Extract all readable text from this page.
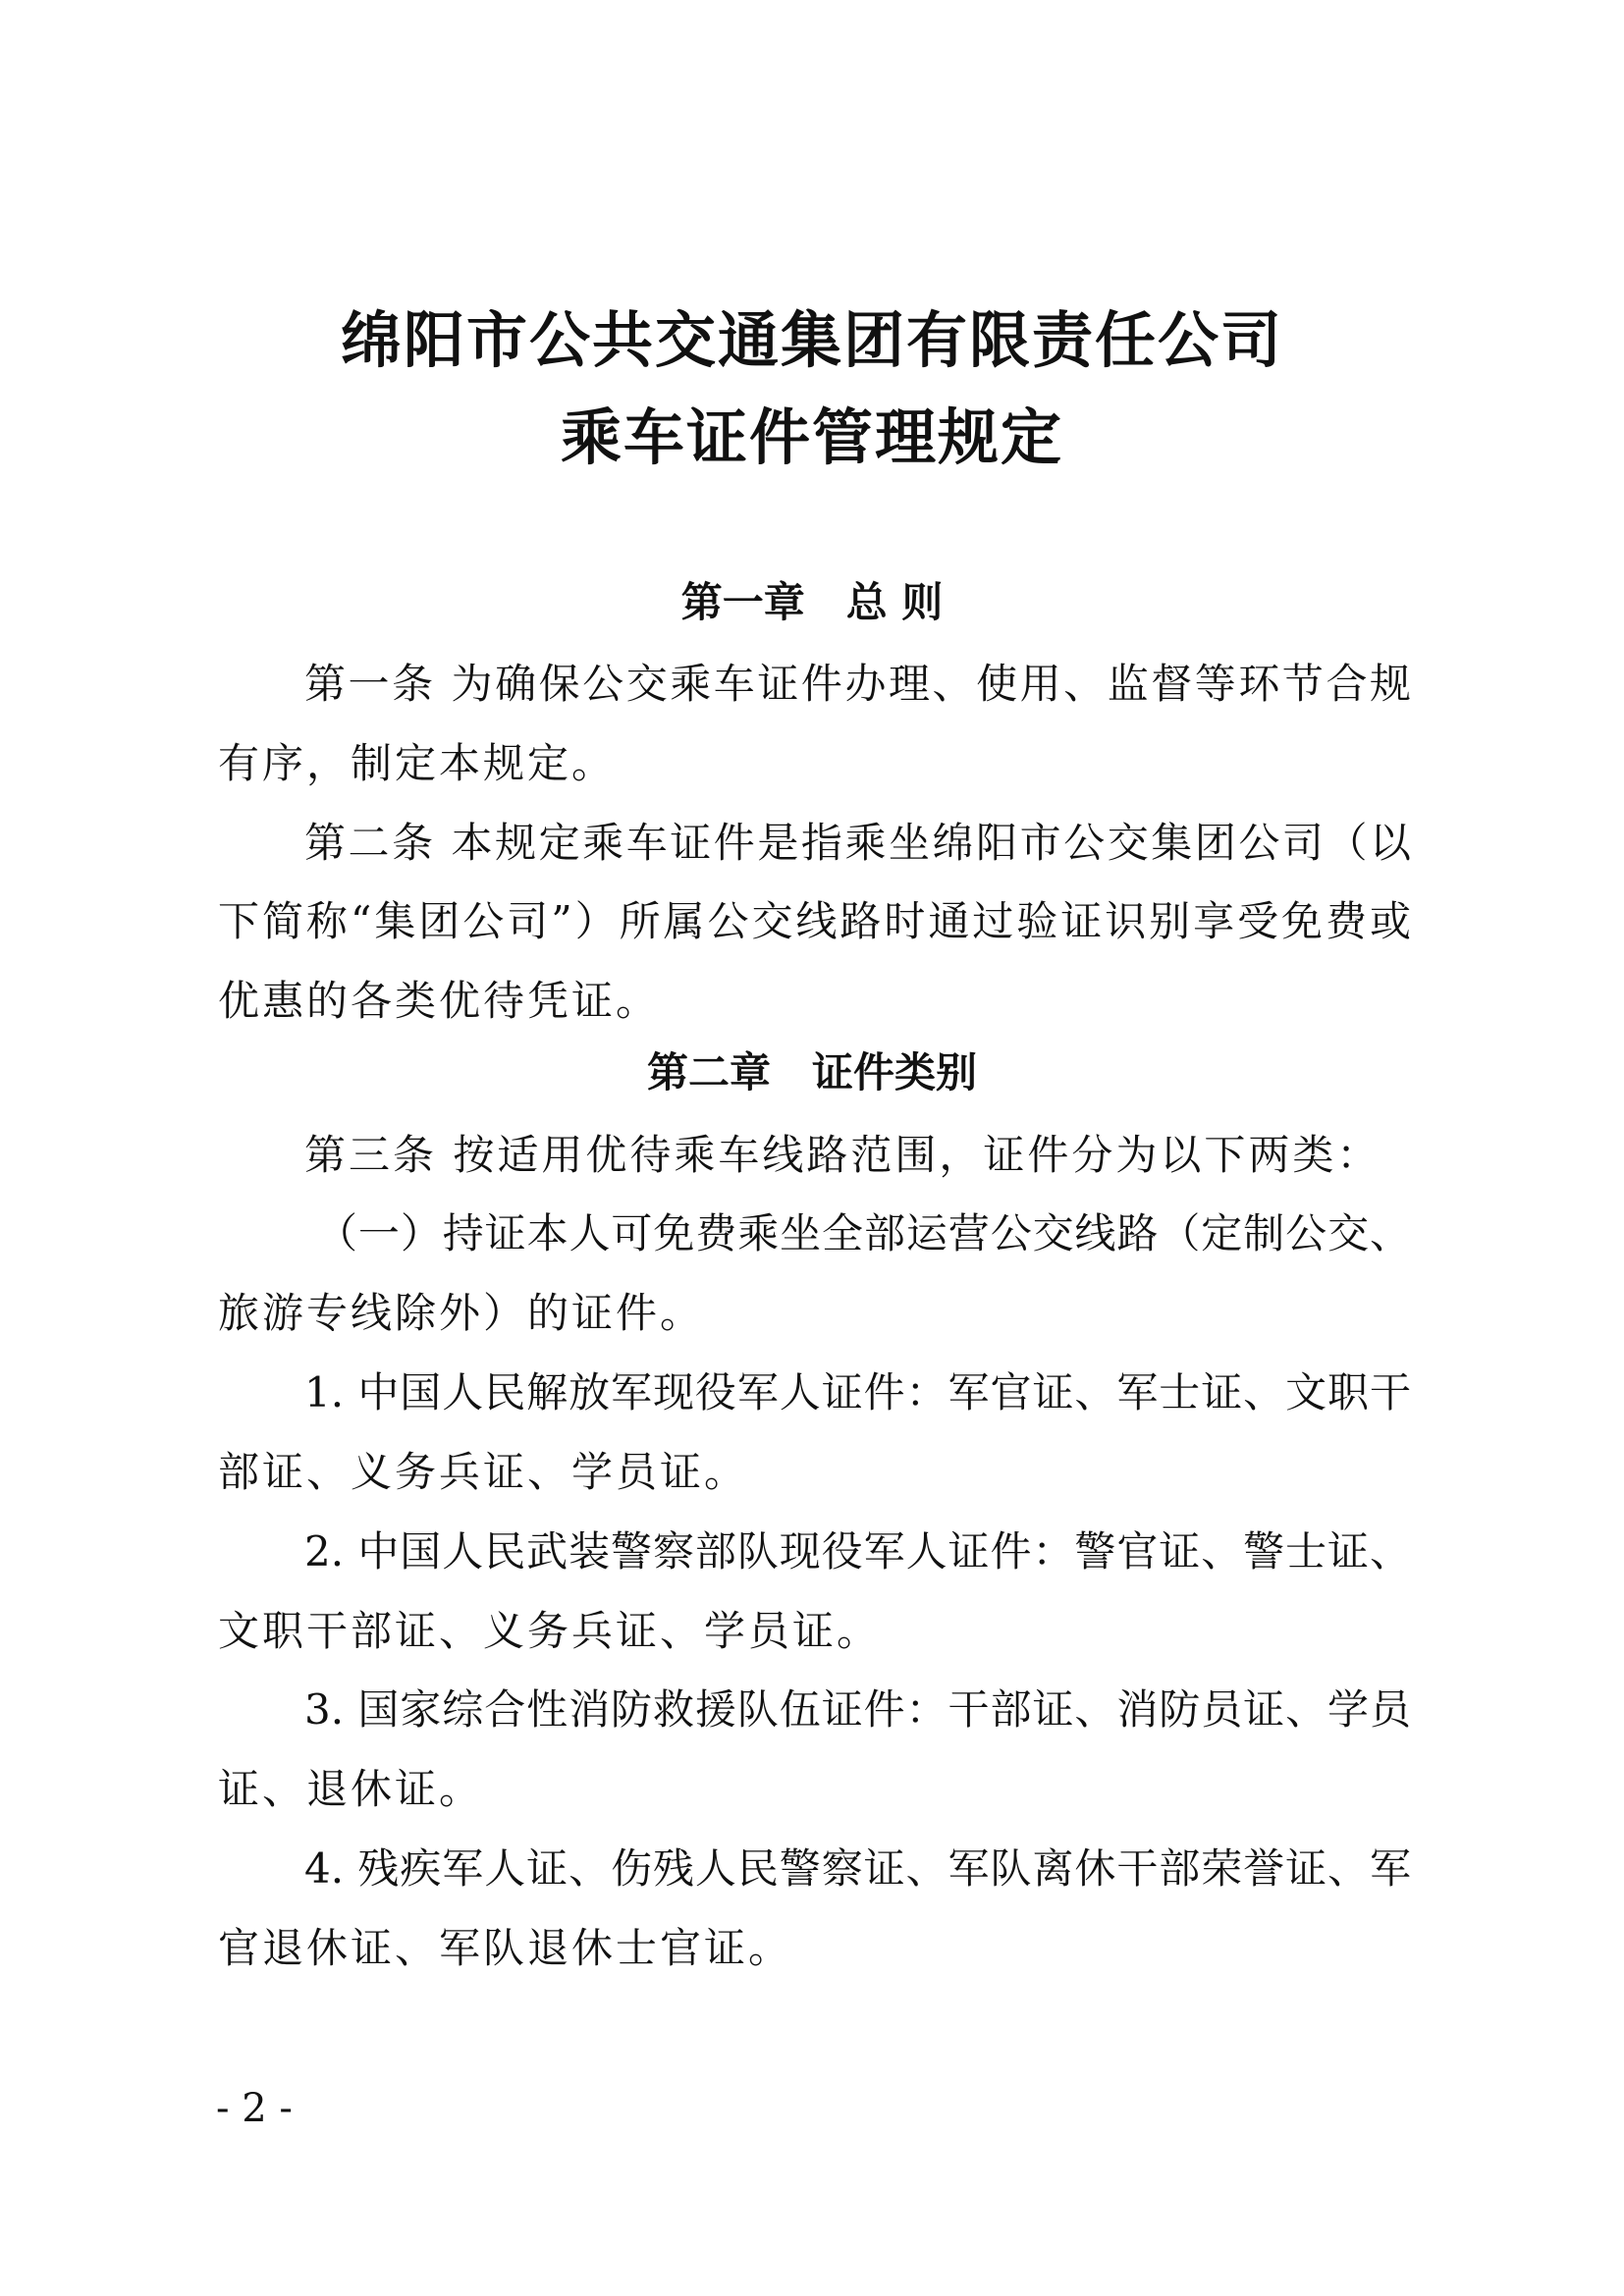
绵阳市公共交通集团有限责任公司
乘车证件管理规定
第一章　总 则
第一条 为确保公交乘车证件办理、使用、监督等环节合规
有序，制定本规定。
第二条 本规定乘车证件是指乘坐绵阳市公交集团公司（以
下简称“集团公司”）所属公交线路时通过验证识别享受免费或
优惠的各类优待凭证。
第二章　证件类别
第三条 按适用优待乘车线路范围，证件分为以下两类：
（一）持证本人可免费乘坐全部运营公交线路（定制公交、
旅游专线除外）的证件。
1. 中国人民解放军现役军人证件：军官证、军士证、文职干
部证、义务兵证、学员证。
2. 中国人民武装警察部队现役军人证件：警官证、警士证、
文职干部证、义务兵证、学员证。
3. 国家综合性消防救援队伍证件：干部证、消防员证、学员
证、退休证。
4. 残疾军人证、伤残人民警察证、军队离休干部荣誉证、军
官退休证、军队退休士官证。
- 2 -
